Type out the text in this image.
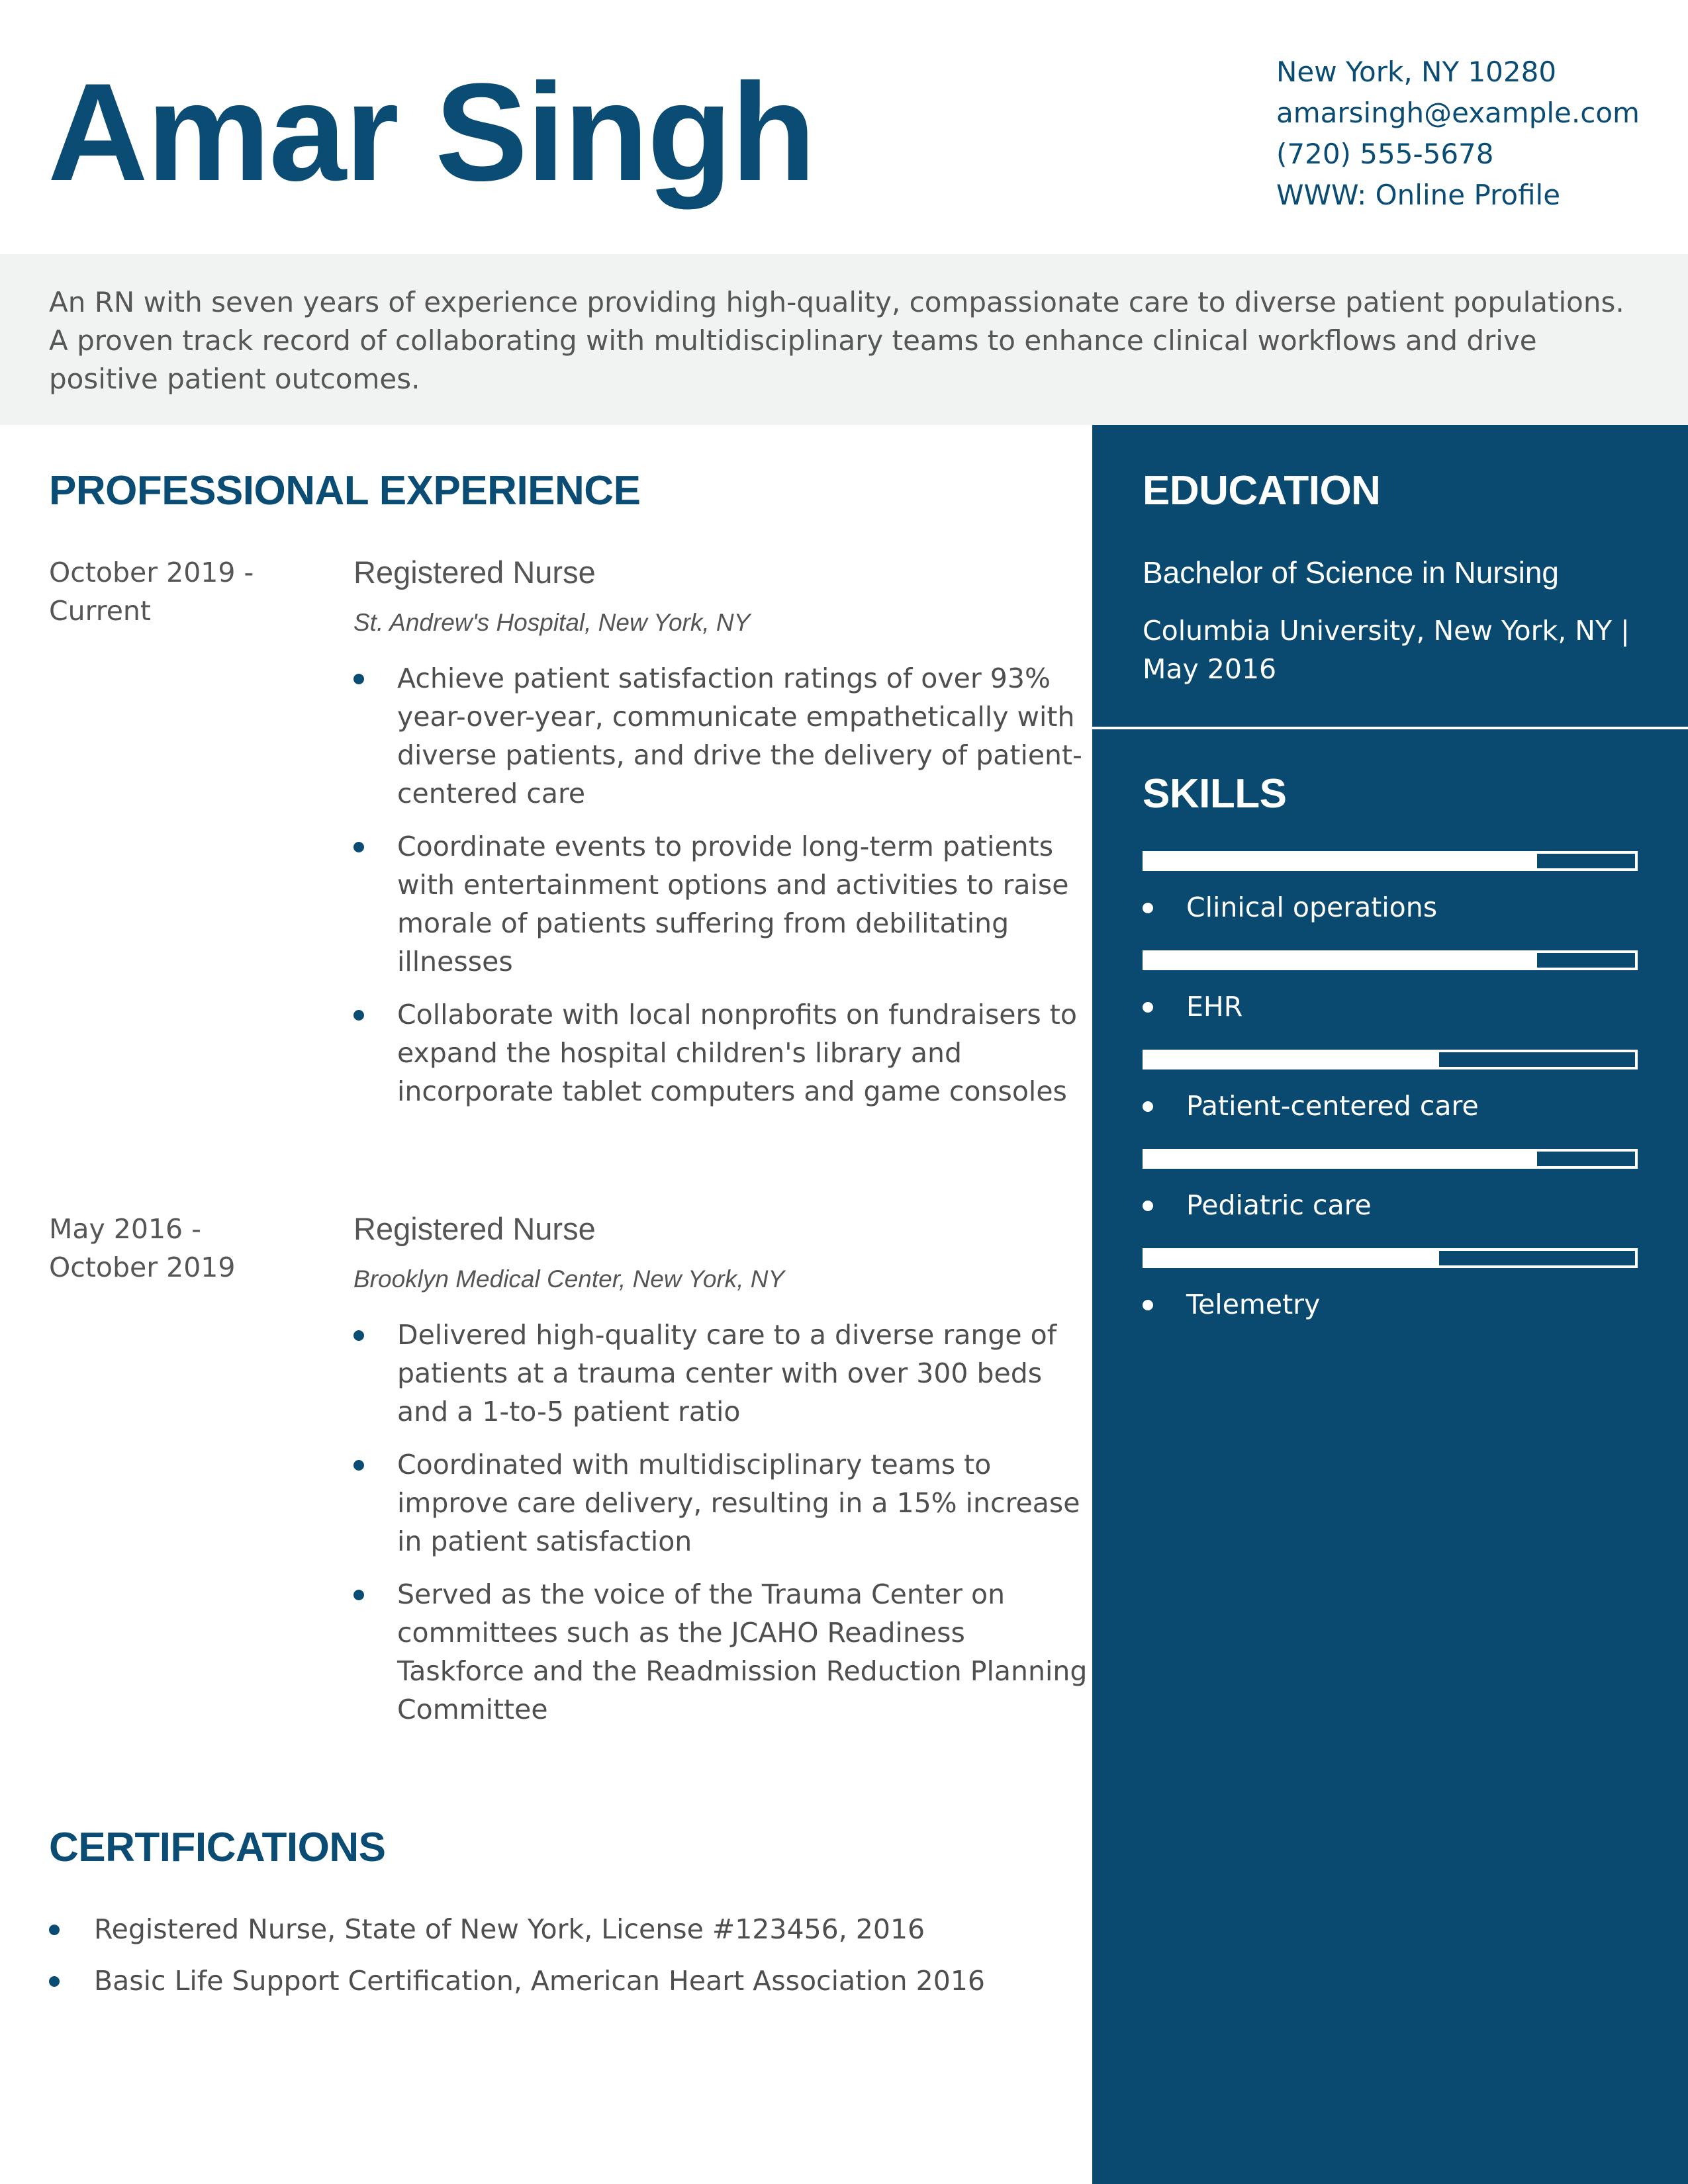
Amar Singh	New York, NY 10280
amarsingh@example.com
(720) 555-5678
WWW: Online Profile

An RN with seven years of experience providing high-quality, compassionate care to diverse patient populations. A proven track record of collaborating with multidisciplinary teams to enhance clinical workflows and drive positive patient outcomes.

PROFESSIONAL EXPERIENCE
October 2019 - Current
Registered Nurse
St. Andrew's Hospital, New York, NY
Achieve patient satisfaction ratings of over 93% year-over-year, communicate empathetically with diverse patients, and drive the delivery of patient-centered care
Coordinate events to provide long-term patients with entertainment options and activities to raise morale of patients suffering from debilitating illnesses
Collaborate with local nonprofits on fundraisers to expand the hospital children's library and incorporate tablet computers and game consoles
May 2016 - October 2019
Registered Nurse
Brooklyn Medical Center, New York, NY
Delivered high-quality care to a diverse range of patients at a trauma center with over 300 beds and a 1-to-5 patient ratio
Coordinated with multidisciplinary teams to improve care delivery, resulting in a 15% increase in patient satisfaction
Served as the voice of the Trauma Center on committees such as the JCAHO Readiness Taskforce and the Readmission Reduction Planning Committee
CERTIFICATIONS
Registered Nurse, State of New York, License #123456, 2016
Basic Life Support Certification, American Heart Association 2016
EDUCATION
Bachelor of Science in Nursing
Columbia University, New York, NY | May 2016
SKILLS
Clinical operations
EHR
Patient-centered care
Pediatric care
Telemetry
